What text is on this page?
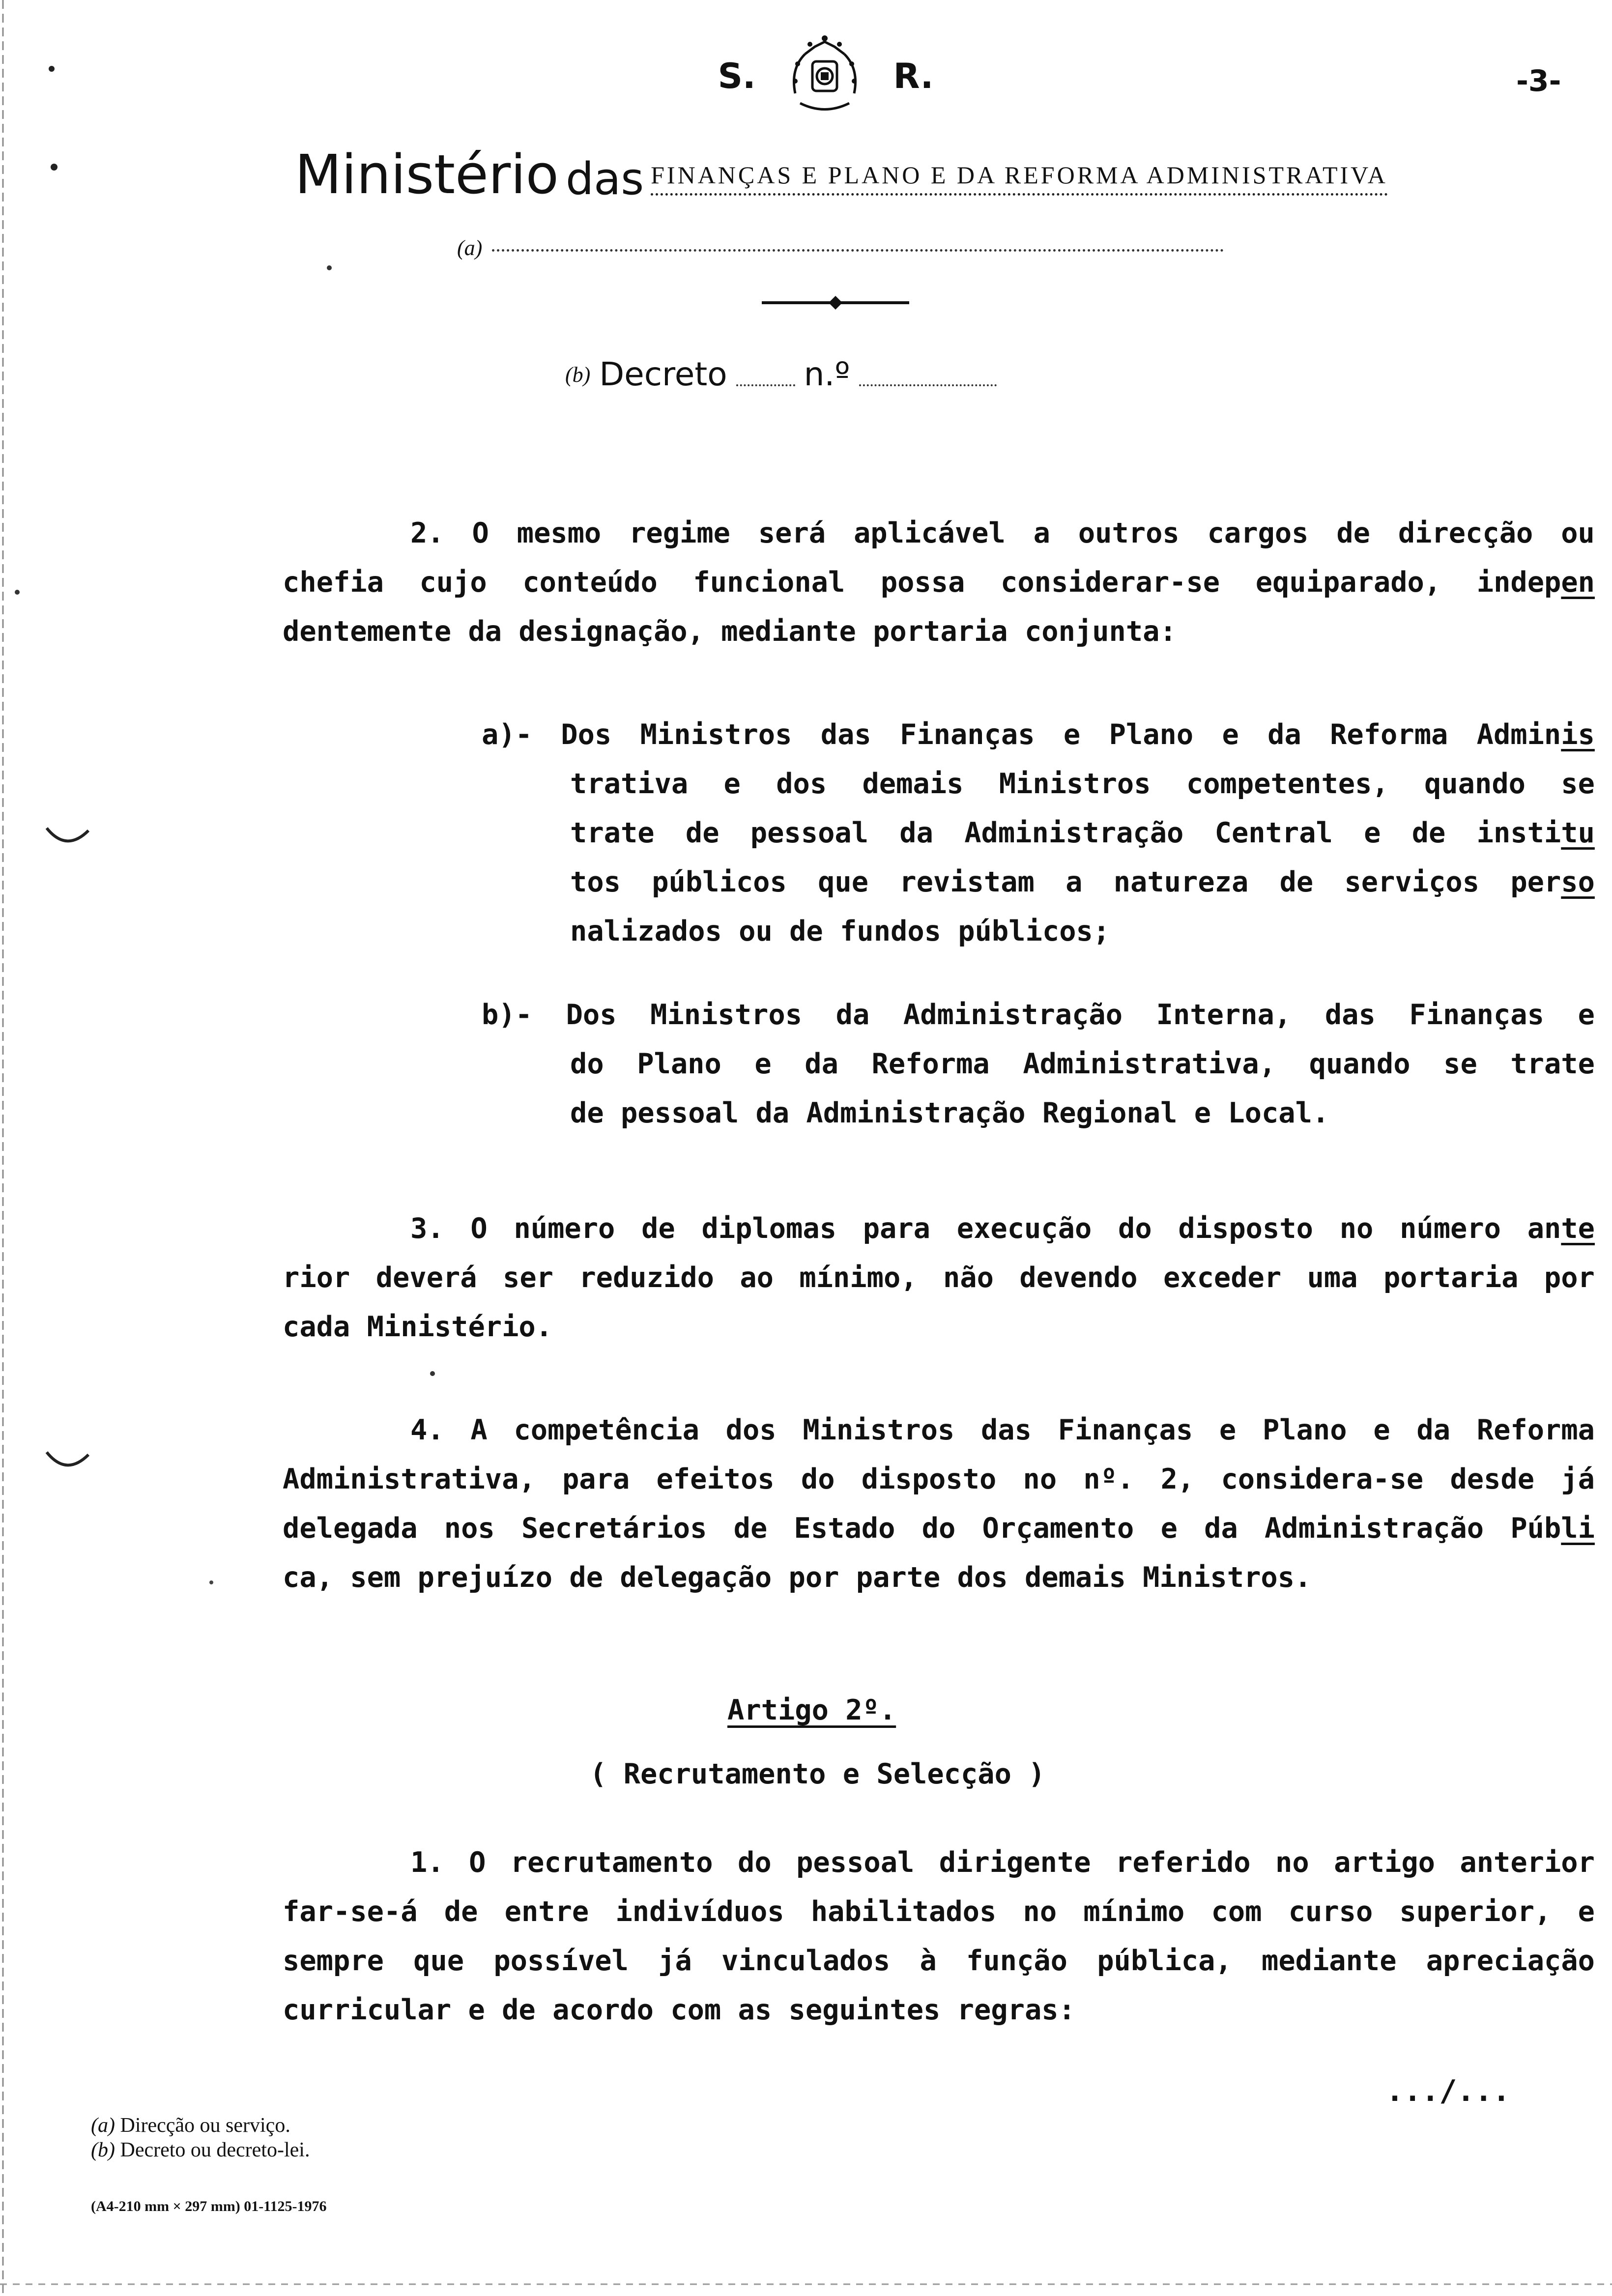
S.	R.	-3-
Ministério das FINANÇAS E PLANO E DA REFORMA ADMINISTRATIVA
(a)
(b) Decreto n.º
2. O mesmo regime será aplicável a outros cargos de direcção ou
chefia cujo conteúdo funcional possa considerar-se equiparado, indepen
dentemente da designação, mediante portaria conjunta:
a)- Dos Ministros das Finanças e Plano e da Reforma Adminis
trativa e dos demais Ministros competentes, quando se
trate de pessoal da Administração Central e de institu
tos públicos que revistam a natureza de serviços perso
nalizados ou de fundos públicos;
b)- Dos Ministros da Administração Interna, das Finanças e
do Plano e da Reforma Administrativa, quando se trate
de pessoal da Administração Regional e Local.
3. O número de diplomas para execução do disposto no número ante
rior deverá ser reduzido ao mínimo, não devendo exceder uma portaria por
cada Ministério.
4. A competência dos Ministros das Finanças e Plano e da Reforma
Administrativa, para efeitos do disposto no nº. 2, considera-se desde já
delegada nos Secretários de Estado do Orçamento e da Administração Públi
ca, sem prejuízo de delegação por parte dos demais Ministros.
Artigo 2º.
( Recrutamento e Selecção )
1. O recrutamento do pessoal dirigente referido no artigo anterior
far-se-á de entre indivíduos habilitados no mínimo com curso superior, e
sempre que possível já vinculados à função pública, mediante apreciação
curricular e de acordo com as seguintes regras:
.../...
(a) Direcção ou serviço.
(b) Decreto ou decreto-lei.
(A4-210 mm × 297 mm) 01-1125-1976
